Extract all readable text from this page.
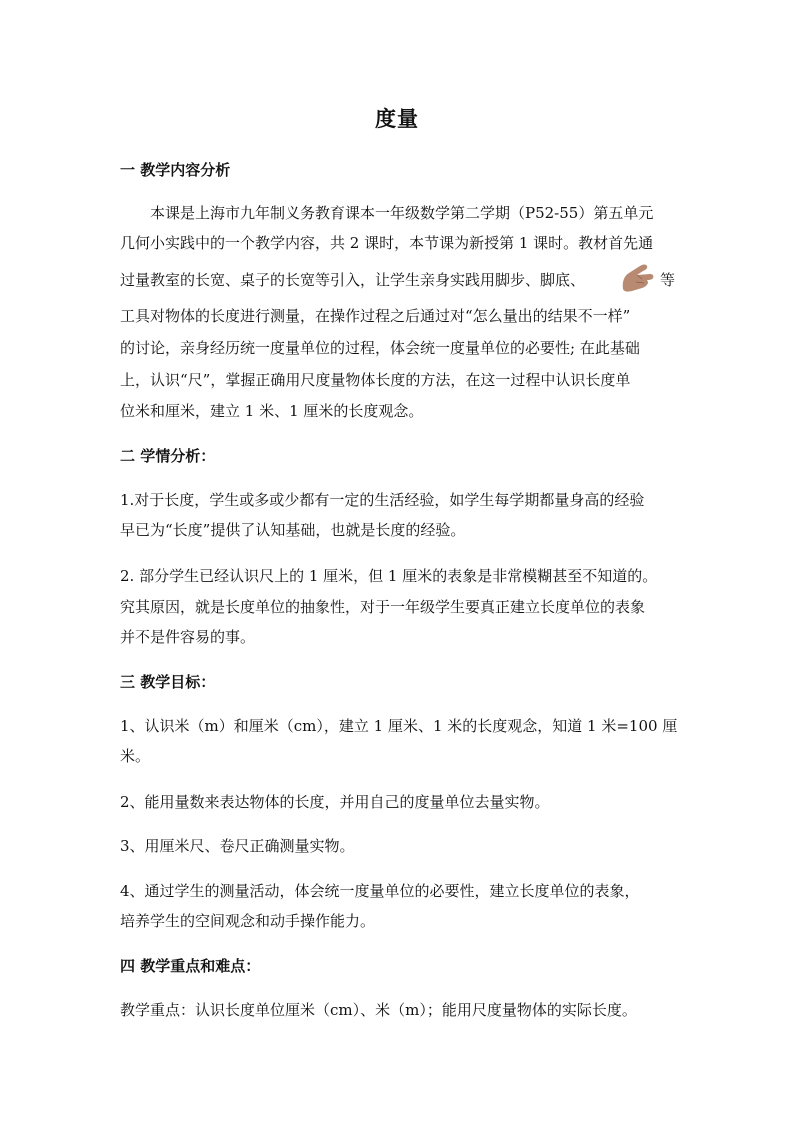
度量
一 教学内容分析
本课是上海市九年制义务教育课本一年级数学第二学期（P52-55）第五单元
几何小实践中的一个教学内容，共 2 课时，本节课为新授第 1 课时。教材首先通
过量教室的长宽、桌子的长宽等引入，让学生亲身实践用脚步、脚底、	等
工具对物体的长度进行测量，在操作过程之后通过对“怎么量出的结果不一样”
的讨论，亲身经历统一度量单位的过程，体会统一度量单位的必要性; 在此基础
上，认识“尺”，掌握正确用尺度量物体长度的方法，在这一过程中认识长度单
位米和厘米，建立 1 米、1 厘米的长度观念。
二 学情分析：
1.对于长度，学生或多或少都有一定的生活经验，如学生每学期都量身高的经验
早已为“长度”提供了认知基础，也就是长度的经验。
2. 部分学生已经认识尺上的 1 厘米，但 1 厘米的表象是非常模糊甚至不知道的。
究其原因，就是长度单位的抽象性，对于一年级学生要真正建立长度单位的表象
并不是件容易的事。
三 教学目标：
1、认识米（m）和厘米（cm），建立 1 厘米、1 米的长度观念，知道 1 米=100 厘
米。
2、能用量数来表达物体的长度，并用自己的度量单位去量实物。
3、用厘米尺、卷尺正确测量实物。
4、通过学生的测量活动，体会统一度量单位的必要性，建立长度单位的表象，
培养学生的空间观念和动手操作能力。
四 教学重点和难点：
教学重点：认识长度单位厘米（cm）、米（m）；能用尺度量物体的实际长度。
